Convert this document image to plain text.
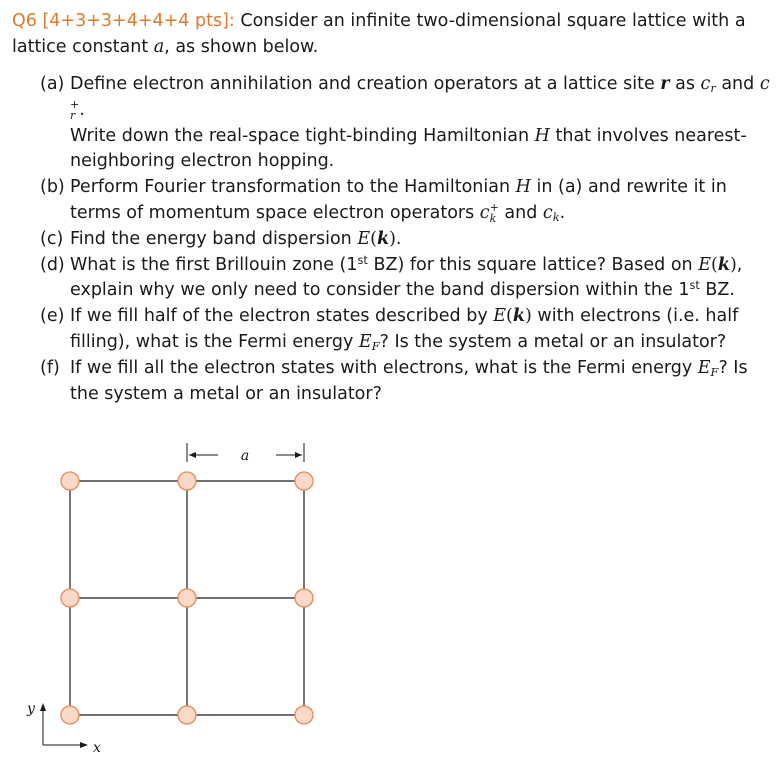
Q6 [4+3+3+4+4+4 pts]: Consider an infinite two-dimensional square lattice with a lattice constant a, as shown below.
(a) Define electron annihilation and creation operators at a lattice site r as $c_r$ and c
+
r .
Write down the real-space tight-binding Hamiltonian H that involves nearest-neighboring electron hopping.
(b) Perform Fourier transformation to the Hamiltonian H in (a) and rewrite it in terms of momentum space electron operators c +
k and $c_k$.
(c) Find the energy band dispersion E(k).
(d) What is the first Brillouin zone (1st BZ) for this square lattice? Based on E(k), explain why we only need to consider the band dispersion within the 1st BZ.
(e) If we fill half of the electron states described by E(k) with electrons (i.e. half filling), what is the Fermi energy $E_F$? Is the system a metal or an insulator?
(f) If we fill all the electron states with electrons, what is the Fermi energy $E_F$? Is the system a metal or an insulator?
a
y
x
